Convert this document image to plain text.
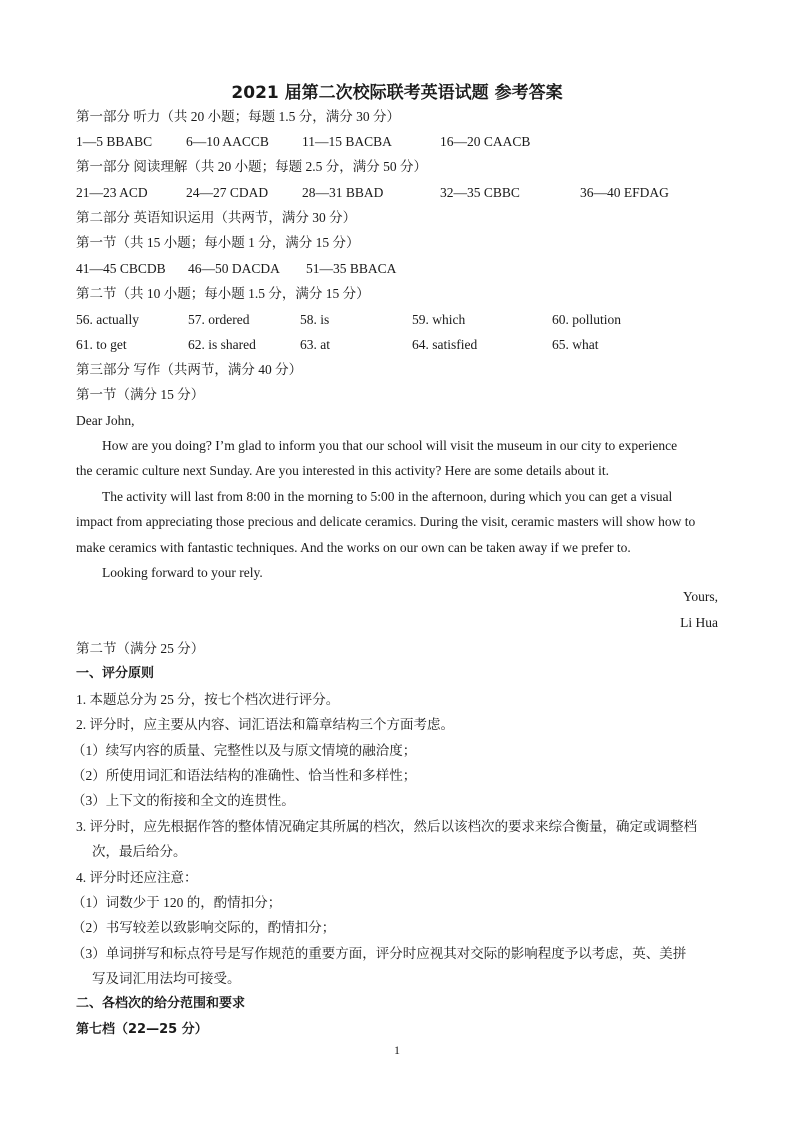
2021 届第二次校际联考英语试题 参考答案
第一部分 听力（共 20 小题；每题 1.5 分，满分 30 分）
1—5 BBABC	6—10 AACCB 11—15 BACBA	16—20 CAACB
第一部分 阅读理解（共 20 小题；每题 2.5 分，满分 50 分）
21—23 ACD	24—27 CDAD	28—31 BBAD	32—35 CBBC	36—40 EFDAG
第二部分 英语知识运用（共两节，满分 30 分）
第一节（共 15 小题；每小题 1 分，满分 15 分）
41—45 CBCDB 46—50 DACDA 51—35 BBACA
第二节（共 10 小题；每小题 1.5 分，满分 15 分）
56. actually	57. ordered	58. is	59. which	60. pollution
61. to get	62. is shared	63. at	64. satisfied	65. what
第三部分 写作（共两节，满分 40 分）
第一节（满分 15 分）
Dear John,
How are you doing? I’m glad to inform you that our school will visit the museum in our city to experience
the ceramic culture next Sunday. Are you interested in this activity? Here are some details about it.
The activity will last from 8:00 in the morning to 5:00 in the afternoon, during which you can get a visual
impact from appreciating those precious and delicate ceramics. During the visit, ceramic masters will show how to
make ceramics with fantastic techniques. And the works on our own can be taken away if we prefer to.
Looking forward to your rely.
Yours,
Li Hua
第二节（满分 25 分）
一、评分原则
1. 本题总分为 25 分，按七个档次进行评分。
2. 评分时，应主要从内容、词汇语法和篇章结构三个方面考虑。
（1）续写内容的质量、完整性以及与原文情境的融洽度；
（2）所使用词汇和语法结构的准确性、恰当性和多样性；
（3）上下文的衔接和全文的连贯性。
3. 评分时，应先根据作答的整体情况确定其所属的档次，然后以该档次的要求来综合衡量，确定或调整档
次，最后给分。
4. 评分时还应注意：
（1）词数少于 120 的，酌情扣分；
（2）书写较差以致影响交际的，酌情扣分；
（3）单词拼写和标点符号是写作规范的重要方面，评分时应视其对交际的影响程度予以考虑，英、美拼
写及词汇用法均可接受。
二、各档次的给分范围和要求
第七档（22—25 分）
1
